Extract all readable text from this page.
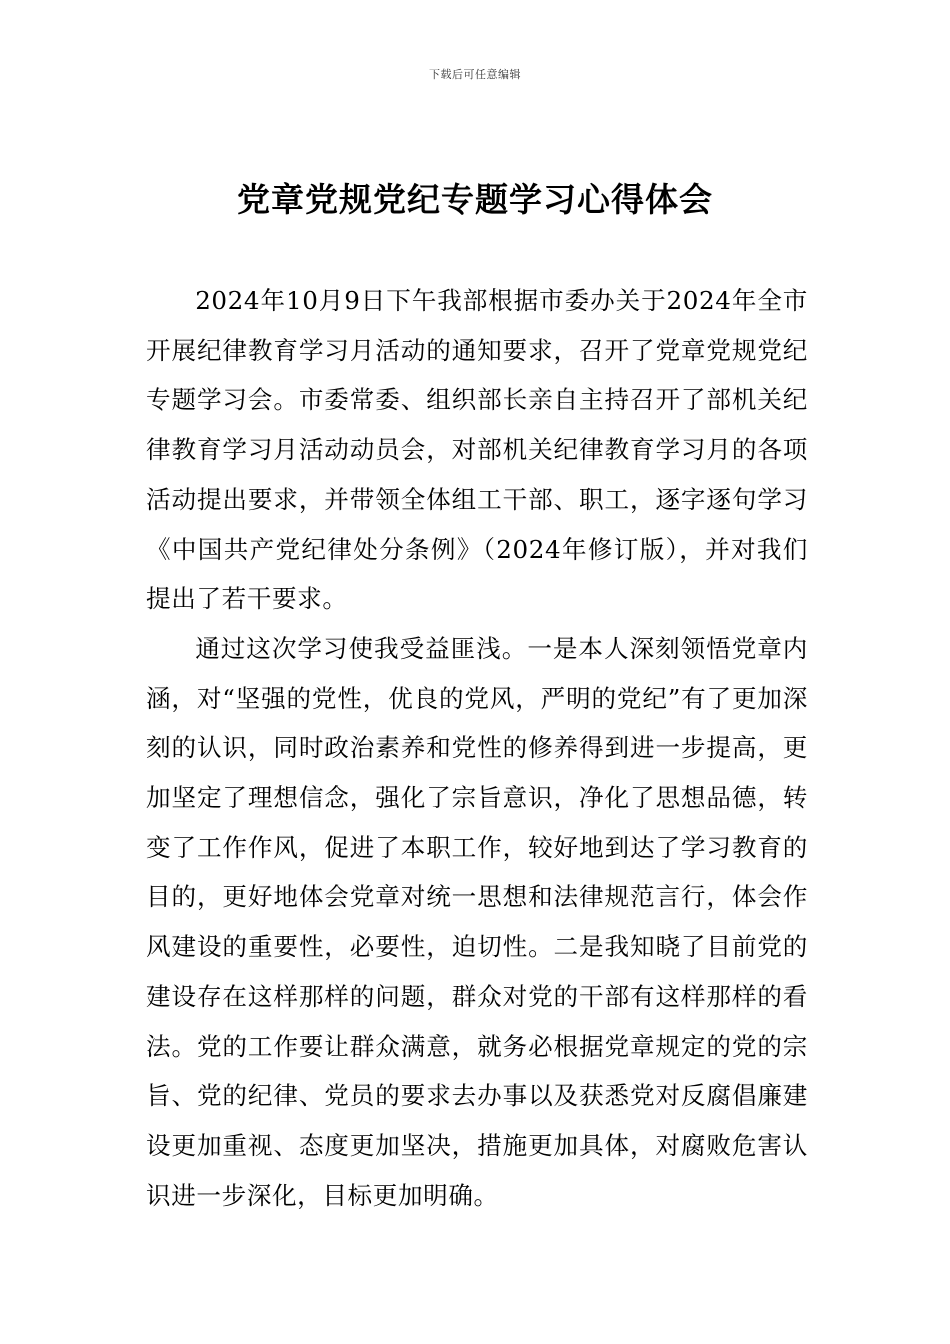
下载后可任意编辑
党章党规党纪专题学习心得体会

2024年10月9日下午我部根据市委办关于2024年全市开展纪律教育学习月活动的通知要求，召开了党章党规党纪专题学习会。市委常委、组织部长亲自主持召开了部机关纪律教育学习月活动动员会，对部机关纪律教育学习月的各项活动提出要求，并带领全体组工干部、职工，逐字逐句学习《中国共产党纪律处分条例》（2024年修订版），并对我们提出了若干要求。

通过这次学习使我受益匪浅。一是本人深刻领悟党章内涵，对“坚强的党性，优良的党风，严明的党纪”有了更加深刻的认识，同时政治素养和党性的修养得到进一步提高，更加坚定了理想信念，强化了宗旨意识，净化了思想品德，转变了工作作风，促进了本职工作，较好地到达了学习教育的目的，更好地体会党章对统一思想和法律规范言行，体会作风建设的重要性，必要性，迫切性。二是我知晓了目前党的建设存在这样那样的问题，群众对党的干部有这样那样的看法。党的工作要让群众满意，就务必根据党章规定的党的宗旨、党的纪律、党员的要求去办事以及获悉党对反腐倡廉建设更加重视、态度更加坚决，措施更加具体，对腐败危害认识进一步深化，目标更加明确。
